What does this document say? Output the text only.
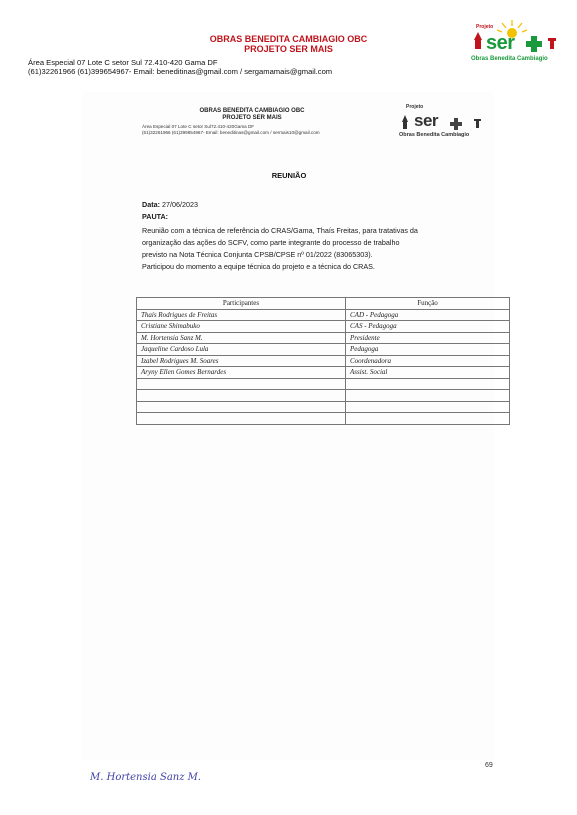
OBRAS BENEDITA CAMBIAGIO OBC
PROJETO SER MAIS
Área Especial 07 Lote C setor Sul 72.410-420 Gama DF
(61)32261966 (61)399654967- Email: beneditinas@gmail.com / sergamamais@gmail.com
Projeto
ser
Obras Benedita Cambiagio
OBRAS BENEDITA CAMBIAGIO OBC
PROJETO SER MAIS
Área Especial 07 Lote C setor Sul72.410-420Gama DF
(61)32261966 (61)399654967- Email: beneditinas@gmail.com / sermais10@gmail.com
Projeto
ser
Obras Benedita Cambiagio
REUNIÃO
Data: 27/06/2023
PAUTA:
Reunião com a técnica de referência do CRAS/Gama, Thaís Freitas, para tratativas da
organização das ações do SCFV, como parte integrante do processo de trabalho
previsto na Nota Técnica Conjunta CPSB/CPSE nº 01/2022 (83065303).
Participou do momento a equipe técnica do projeto e a técnica do CRAS.
Participantes	Função
Thaís Rodrigues de Freitas	CAD - Pedagoga
Cristiane Shimabuko	CAS - Pedagoga
M. Hortensia Sanz M.	Presidente
Jaqueline Cardoso Lula	Pedagoga
Izabel Rodrigues M. Soares	Coordenadora
Aryny Ellen Gomes Bernardes	Assist. Social

69
M. Hortensia Sanz M.
